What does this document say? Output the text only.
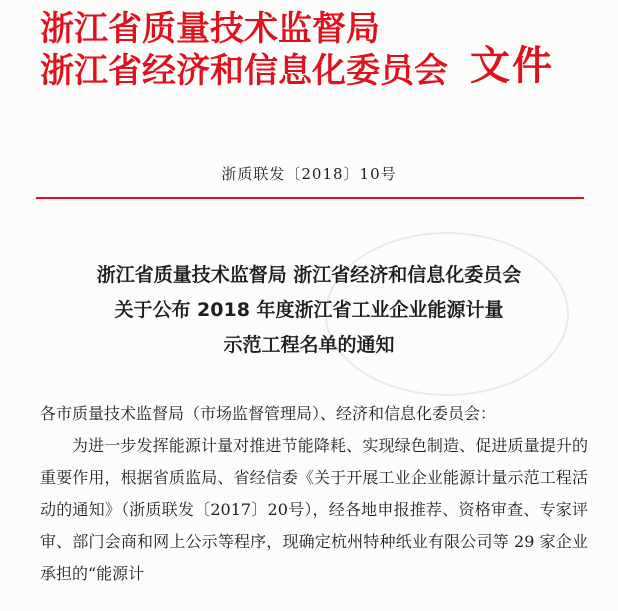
浙江省质量技术监督局
浙江省经济和信息化委员会 文件
浙质联发〔2018〕10号
浙江省质量技术监督局 浙江省经济和信息化委员会
关于公布 2018 年度浙江省工业企业能源计量
示范工程名单的通知

各市质量技术监督局（市场监督管理局）、经济和信息化委员会：

为进一步发挥能源计量对推进节能降耗、实现绿色制造、促进质量提升的重要作用，根据省质监局、省经信委《关于开展工业企业能源计量示范工程活动的通知》（浙质联发〔2017〕20号），经各地申报推荐、资格审查、专家评审、部门会商和网上公示等程序，现确定杭州特种纸业有限公司等 29 家企业承担的“能源计
